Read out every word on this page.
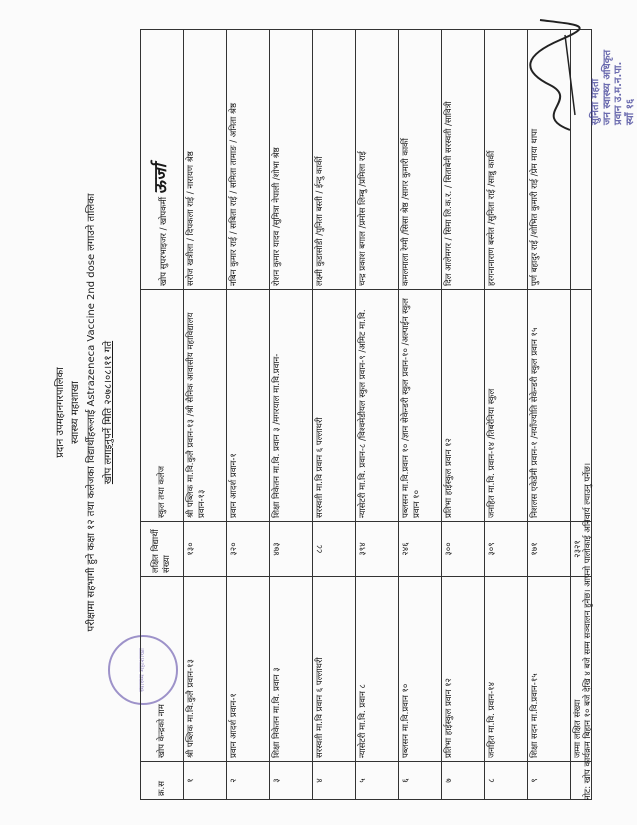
प्रदान उपमहानगरपालिका स्वास्थ्य महाशाखा परीक्षामा सहभागी हुने कक्षा १२ तथा कलेजका विद्यार्थीहरूलाई Astrazeneca Vaccine 2nd dose लगाउने तालिका खोप लगाइनुपर्ने मिति २०७८।०८।११ गते
स्वास्थ्य महाशाखा
क्र.स	खोप केन्द्रको नाम	लक्षित विद्यार्थी संख्या	स्कुल तथा कलेज	खोप सुपरभाइजर / खोपकर्मी ऊर्जा
१	श्री पब्लिक मा.वि.कुलै प्रवान-१३	१३०	श्री पब्लिक मा.वि.कुलै प्रवान-१३ /श्री सैनिक आवासीय महाविद्यालय प्रवान-१३	सरोज खत्रीला / दिपकला राई / नारायण श्रेष्ठ
२	प्रवान आदर्श प्रवान-१	३२०	प्रवान आदर्श प्रवान-१	नबिन कुमार राई / सबिता राई / समिता तामाङ / अनिता श्रेष्ठ
३	शिक्षा निकेतन मा.वि. प्रवान ३	४७३	शिक्षा निकेतन मा.वि. प्रवान ३ /मगरयाल मा.वि.प्रवान-	रोशन कुमार यादव /सुमित्रा नेपाली /शोभा श्रेष्ठ
४	सरस्वती मा.वि प्रवान ६ पल्लाथरी	८८	सरस्वती मा.वि प्रवान ६ पल्लाथरी	लक्ष्मी कुडासोडी /पुनिता बस्ती / ईन्दु कार्की
५	न्यासेटरी मा.वि. प्रवान ८	३९४	न्यासेटरी मा.वि. प्रवान-८ /विश्वमेडीयल स्कुल प्रवान-९ /अमिट मा.वि.	चन्द्र प्रकाश बगाल /प्रमोस लिम्बु /प्रमिला राई
६	पब्लसन मा.वि.प्रवान १०	२४६	पब्लसन मा.वि.प्रवान १० /ज्ञान सेकेन्डरी स्कुल प्रवान-१० /अल्पाईन स्कुल प्रवान १०	कमलमाला रेग्मी /सिसा श्रेष्ठ /सागर कुमारी कार्की
७	प्रतिभा हाईस्कुल प्रवान १२	३००	प्रतिभा हाईस्कुल प्रवान १२	दिल आलेमगर / सिमा लि.क.र. / सिताबेनी सरस्वती /सावित्री
८	जनहित मा.वि. प्रवान-१४	३०९	जनहित मा.वि. प्रवान-१४ /तिबरेनिया स्कुल	हरगनानाराण बस्नेत /सुनिता राई /सान्नु कार्की
९	शिक्षा सदन मा.वि.प्रवान-१५	१७१	निशलस एकेडेमी प्रवान-१ /नयाँज्योति सेकेन्डरी स्कुल प्रवान १५	पुर्ण बहादुर राई /शोभित कुमारी राई /प्रेम माया थापा
	जम्मा लक्षित संख्या	२३२१		नोट: खोप कार्यक्रम बिहान १० बजे देखि ४ बजे सम्म सञ्चालन हुनेछ। आफ्नो पालोकाई अनिवार्य ल्याउनु पर्नेछ।
सुनिता महता जन स्वास्थ्य अधिकृत प्रवान उ.म.न.पा. स्याँ १६
